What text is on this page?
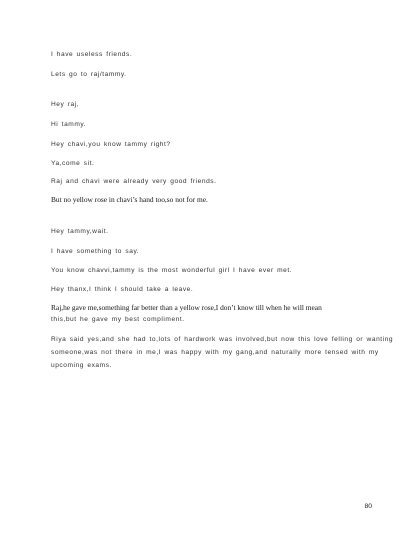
I have useless friends.

Lets go to raj/tammy.

Hey raj,

Hi tammy.

Hey chavi,you know tammy right?

Ya,come sit.

Raj and chavi were already very good friends.

But no yellow rose in chavi’s hand too,so not for me.

Hey tammy,wait.

I have something to say.

You know chavvi,tammy is the most wonderful girl I have ever met.

Hey thanx,I think I should take a leave.

Raj,he gave me,something far better than a yellow rose,I don’t know till when he will mean

this,but he gave my best compliment.

Riya said yes,and she had to,lots of hardwork was involved,but now this love felling or wanting

someone,was not there in me,I was happy with my gang,and naturally more tensed with my

upcoming exams.

80
